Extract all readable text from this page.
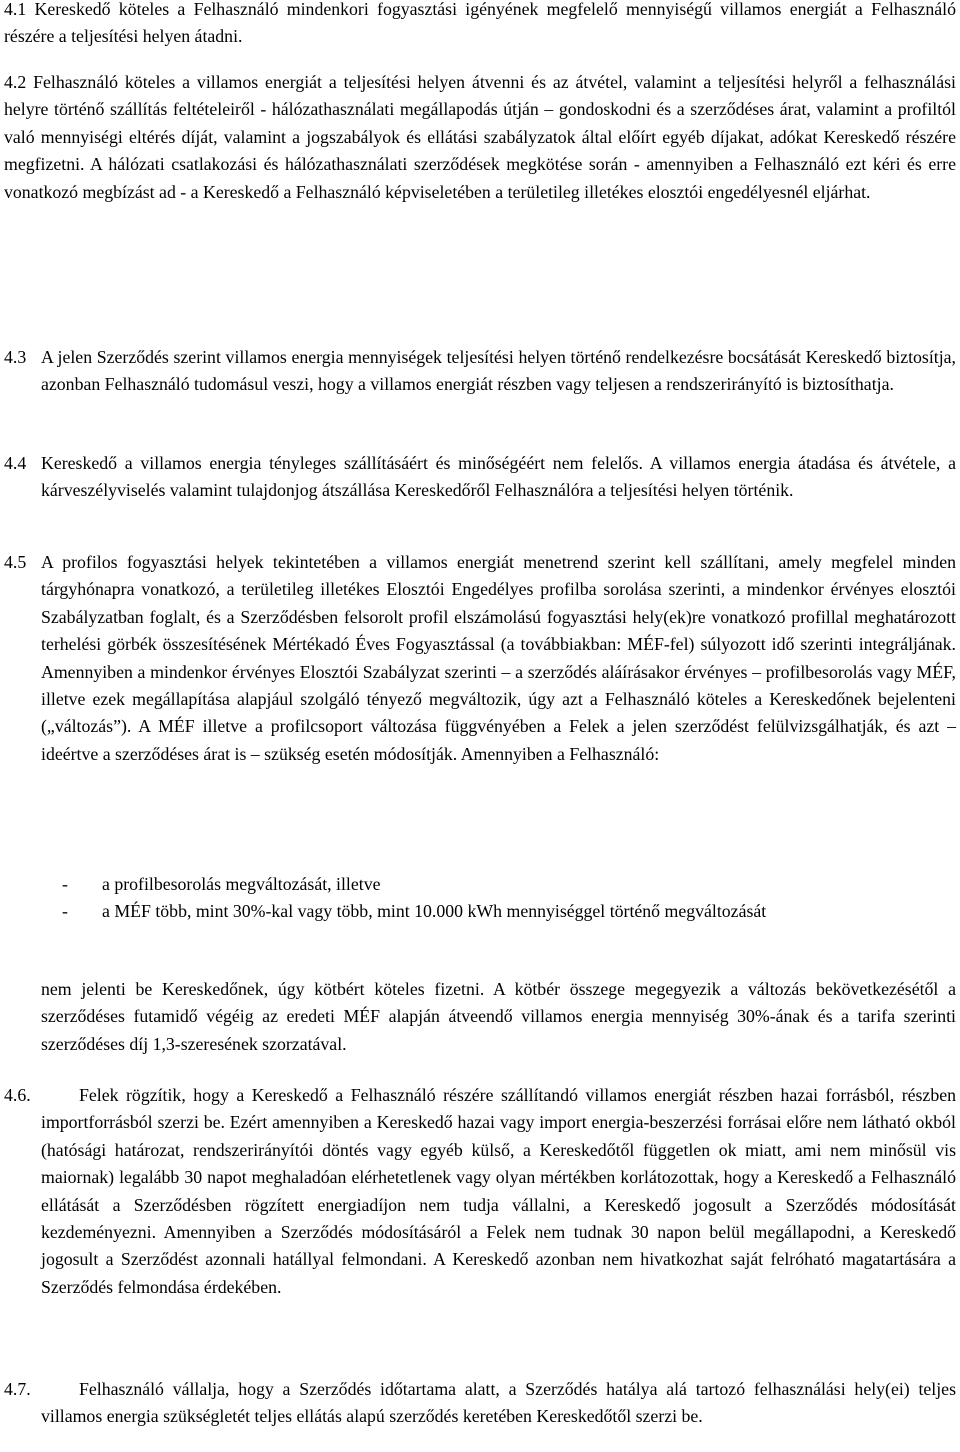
4.1 Kereskedő köteles a Felhasználó mindenkori fogyasztási igényének megfelelő mennyiségű villamos energiát a Felhasználó részére a teljesítési helyen átadni.

4.2 Felhasználó köteles a villamos energiát a teljesítési helyen átvenni és az átvétel, valamint a teljesítési helyről a felhasználási helyre történő szállítás feltételeiről - hálózathasználati megállapodás útján – gondoskodni és a szerződéses árat, valamint a profiltól való mennyiségi eltérés díját, valamint a jogszabályok és ellátási szabályzatok által előírt egyéb díjakat, adókat Kereskedő részére megfizetni. A hálózati csatlakozási és hálózathasználati szerződések megkötése során - amennyiben a Felhasználó ezt kéri és erre vonatkozó megbízást ad - a Kereskedő a Felhasználó képviseletében a területileg illetékes elosztói engedélyesnél eljárhat.

4.3 A jelen Szerződés szerint villamos energia mennyiségek teljesítési helyen történő rendelkezésre bocsátását Kereskedő biztosítja, azonban Felhasználó tudomásul veszi, hogy a villamos energiát részben vagy teljesen a rendszerirányító is biztosíthatja.
4.4 Kereskedő a villamos energia tényleges szállításáért és minőségéért nem felelős. A villamos energia átadása és átvétele, a kárveszélyviselés valamint tulajdonjog átszállása Kereskedőről Felhasználóra a teljesítési helyen történik.
4.5 A profilos fogyasztási helyek tekintetében a villamos energiát menetrend szerint kell szállítani, amely megfelel minden tárgyhónapra vonatkozó, a területileg illetékes Elosztói Engedélyes profilba sorolása szerinti, a mindenkor érvényes elosztói Szabályzatban foglalt, és a Szerződésben felsorolt profil elszámolású fogyasztási hely(ek)re vonatkozó profillal meghatározott terhelési görbék összesítésének Mértékadó Éves Fogyasztással (a továbbiakban: MÉF-fel) súlyozott idő szerinti integráljának. Amennyiben a mindenkor érvényes Elosztói Szabályzat szerinti – a szerződés aláírásakor érvényes – profilbesorolás vagy MÉF, illetve ezek megállapítása alapjául szolgáló tényező megváltozik, úgy azt a Felhasználó köteles a Kereskedőnek bejelenteni („változás”). A MÉF illetve a profilcsoport változása függvényében a Felek a jelen szerződést felülvizsgálhatják, és azt – ideértve a szerződéses árat is – szükség esetén módosítják. Amennyiben a Felhasználó:
- a profilbesorolás megváltozását, illetve
- a MÉF több, mint 30%-kal vagy több, mint 10.000 kWh mennyiséggel történő megváltozását

nem jelenti be Kereskedőnek, úgy kötbért köteles fizetni. A kötbér összege megegyezik a változás bekövetkezésétől a szerződéses futamidő végéig az eredeti MÉF alapján átveendő villamos energia mennyiség 30%-ának és a tarifa szerinti szerződéses díj 1,3-szeresének szorzatával.

4.6.	Felek rögzítik, hogy a Kereskedő a Felhasználó részére szállítandó villamos energiát részben hazai forrásból, részben importforrásból szerzi be. Ezért amennyiben a Kereskedő hazai vagy import energia-beszerzési forrásai előre nem látható okból (hatósági határozat, rendszerirányítói döntés vagy egyéb külső, a Kereskedőtől független ok miatt, ami nem minősül vis maiornak) legalább 30 napot meghaladóan elérhetetlenek vagy olyan mértékben korlátozottak, hogy a Kereskedő a Felhasználó ellátását a Szerződésben rögzített energiadíjon nem tudja vállalni, a Kereskedő jogosult a Szerződés módosítását kezdeményezni. Amennyiben a Szerződés módosításáról a Felek nem tudnak 30 napon belül megállapodni, a Kereskedő jogosult a Szerződést azonnali hatállyal felmondani. A Kereskedő azonban nem hivatkozhat saját felróható magatartására a Szerződés felmondása érdekében.
4.7.	Felhasználó vállalja, hogy a Szerződés időtartama alatt, a Szerződés hatálya alá tartozó felhasználási hely(ei) teljes villamos energia szükségletét teljes ellátás alapú szerződés keretében Kereskedőtől szerzi be.
